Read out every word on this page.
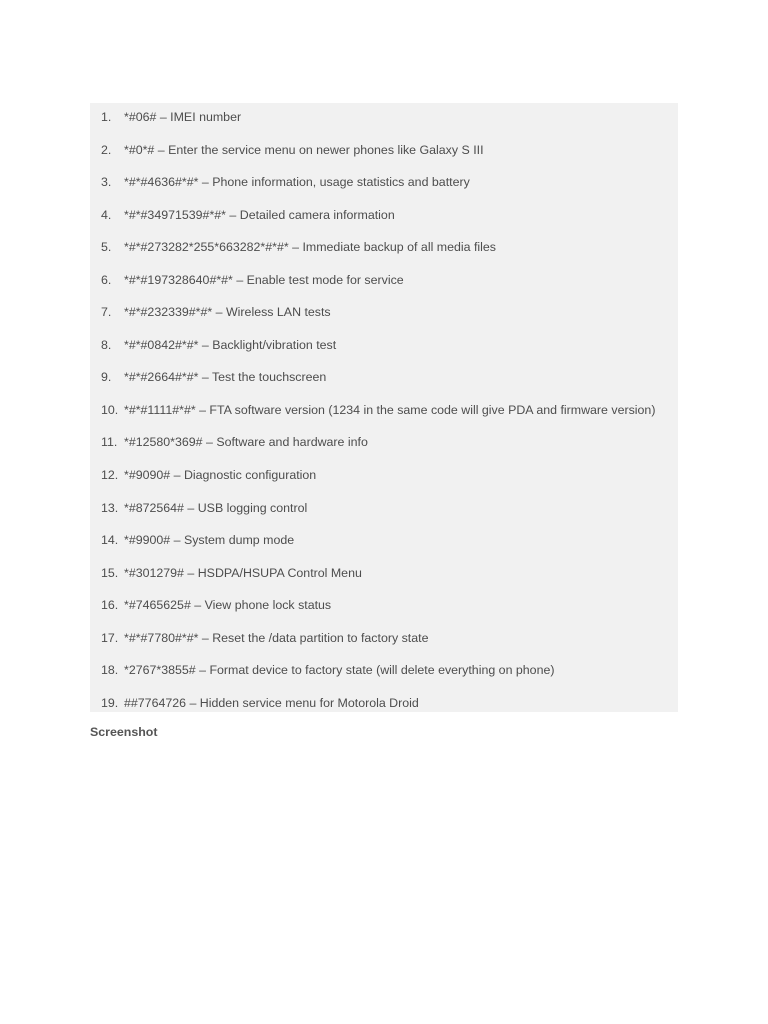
1.	*#06# – IMEI number
2.	*#0*# – Enter the service menu on newer phones like Galaxy S III
3.	*#*#4636#*#* – Phone information, usage statistics and battery
4.	*#*#34971539#*#* – Detailed camera information
5.	*#*#273282*255*663282*#*#* – Immediate backup of all media files
6.	*#*#197328640#*#* – Enable test mode for service
7.	*#*#232339#*#* – Wireless LAN tests
8.	*#*#0842#*#* – Backlight/vibration test
9.	*#*#2664#*#* – Test the touchscreen
10. *#*#1111#*#* – FTA software version (1234 in the same code will give PDA and firmware version)
11. *#12580*369# – Software and hardware info
12. *#9090# – Diagnostic configuration
13. *#872564# – USB logging control
14. *#9900# – System dump mode
15. *#301279# – HSDPA/HSUPA Control Menu
16. *#7465625# – View phone lock status
17. *#*#7780#*#* – Reset the /data partition to factory state
18. *2767*3855# – Format device to factory state (will delete everything on phone)
19. ##7764726 – Hidden service menu for Motorola Droid

Screenshot
